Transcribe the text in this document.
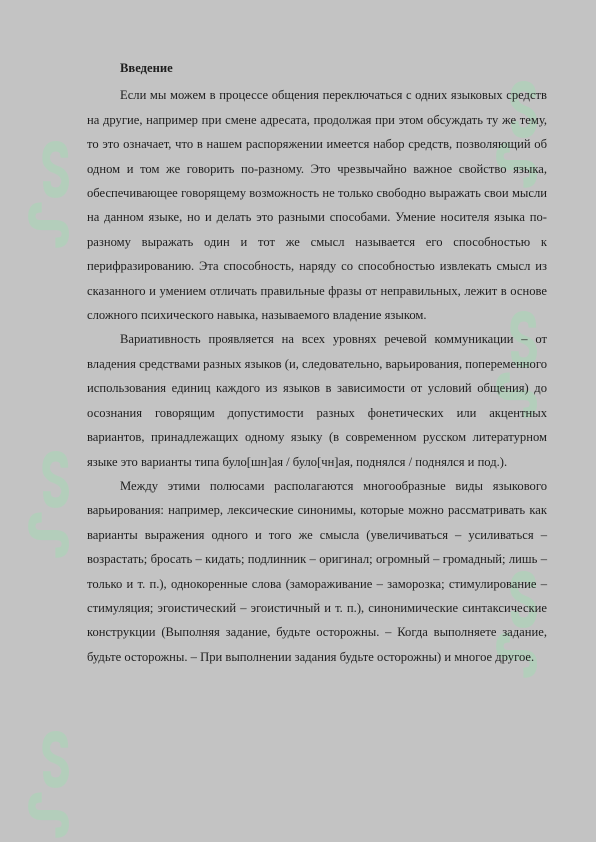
ᔑᔕ
ᔑᔕ
ᔑᔕ
ᔑᔕ
ᔑᔕ
ᔑᔕ
Введение

Если мы можем в процессе общения переключаться с одних языковых средств на другие, например при смене адресата, продолжая при этом обсуждать ту же тему, то это означает, что в нашем распоряжении имеется набор средств, позволяющий об одном и том же говорить по-разному. Это чрезвычайно важное свойство языка, обеспечивающее говорящему возможность не только свободно выражать свои мысли на данном языке, но и делать это разными способами. Умение носителя языка по-разному выражать один и тот же смысл называется его способностью к перифразированию. Эта способность, наряду со способностью извлекать смысл из сказанного и умением отличать правильные фразы от неправильных, лежит в основе сложного психического навыка, называемого владение языком.

Вариативность проявляется на всех уровнях речевой коммуникации – от владения средствами разных языков (и, следовательно, варьирования, попеременного использования единиц каждого из языков в зависимости от условий общения) до осознания говорящим допустимости разных фонетических или акцентных вариантов, принадлежащих одному языку (в современном русском литературном языке это варианты типа було[шн]ая / було[чн]ая, поднялся / поднялся и под.).

Между этими полюсами располагаются многообразные виды языкового варьирования: например, лексические синонимы, которые можно рассматривать как варианты выражения одного и того же смысла (увеличиваться – усиливаться – возрастать; бросать – кидать; подлинник – оригинал; огромный – громадный; лишь – только и т. п.), однокоренные слова (замораживание – заморозка; стимулирование – стимуляция; эгоистический – эгоистичный и т. п.), синонимические синтаксические конструкции (Выполняя задание, будьте осторожны. – Когда выполняете задание, будьте осторожны. – При выполнении задания будьте осторожны) и многое другое.
